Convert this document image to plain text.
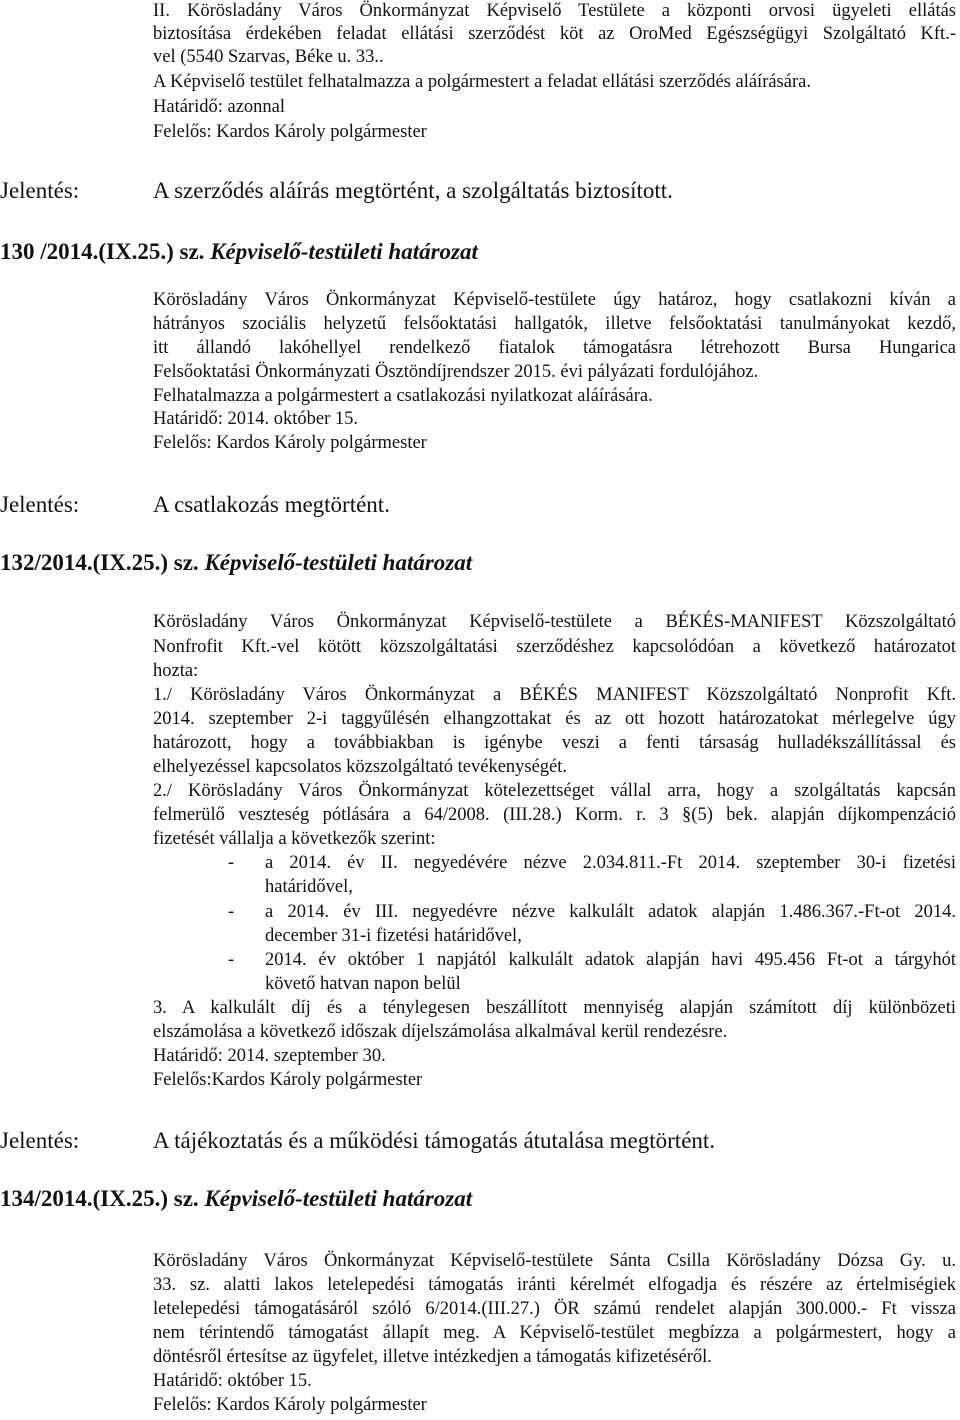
II. Körösladány Város Önkormányzat Képviselő Testülete a központi orvosi ügyeleti ellátás
biztosítása érdekében feladat ellátási szerződést köt az OroMed Egészségügyi Szolgáltató Kft.-
vel (5540 Szarvas, Béke u. 33..
A Képviselő testület felhatalmazza a polgármestert a feladat ellátási szerződés aláírására.
Határidő: azonnal
Felelős: Kardos Károly polgármester
Jelentés:	A szerződés aláírás megtörtént, a szolgáltatás biztosított.
130 /2014.(IX.25.) sz. Képviselő-testületi határozat
Körösladány Város Önkormányzat Képviselő-testülete úgy határoz, hogy csatlakozni kíván a
hátrányos szociális helyzetű felsőoktatási hallgatók, illetve felsőoktatási tanulmányokat kezdő,
itt állandó lakóhellyel rendelkező fiatalok támogatásra létrehozott Bursa Hungarica
Felsőoktatási Önkormányzati Ösztöndíjrendszer 2015. évi pályázati fordulójához.
Felhatalmazza a polgármestert a csatlakozási nyilatkozat aláírására.
Határidő: 2014. október 15.
Felelős: Kardos Károly polgármester
Jelentés:	A csatlakozás megtörtént.
132/2014.(IX.25.) sz. Képviselő-testületi határozat
Körösladány Város Önkormányzat Képviselő-testülete a BÉKÉS-MANIFEST Közszolgáltató
Nonfrofit Kft.-vel kötött közszolgáltatási szerződéshez kapcsolódóan a következő határozatot
hozta:
1./ Körösladány Város Önkormányzat a BÉKÉS MANIFEST Közszolgáltató Nonprofit Kft.
2014. szeptember 2-i taggyűlésén elhangzottakat és az ott hozott határozatokat mérlegelve úgy
határozott, hogy a továbbiakban is igénybe veszi a fenti társaság hulladékszállítással és
elhelyezéssel kapcsolatos közszolgáltató tevékenységét.
2./ Körösladány Város Önkormányzat kötelezettséget vállal arra, hogy a szolgáltatás kapcsán
felmerülő veszteség pótlására a 64/2008. (III.28.) Korm. r. 3 §(5) bek. alapján díjkompenzáció
fizetését vállalja a következők szerint:
- a 2014. év II. negyedévére nézve 2.034.811.-Ft 2014. szeptember 30-i fizetési
határidővel,
- a 2014. év III. negyedévre nézve kalkulált adatok alapján 1.486.367.-Ft-ot 2014.
december 31-i fizetési határidővel,
- 2014. év október 1 napjától kalkulált adatok alapján havi 495.456 Ft-ot a tárgyhót
követő hatvan napon belül
3. A kalkulált díj és a ténylegesen beszállított mennyiség alapján számított díj különbözeti
elszámolása a következő időszak díjelszámolása alkalmával kerül rendezésre.
Határidő: 2014. szeptember 30.
Felelős:Kardos Károly polgármester
Jelentés:	A tájékoztatás és a működési támogatás átutalása megtörtént.
134/2014.(IX.25.) sz. Képviselő-testületi határozat
Körösladány Város Önkormányzat Képviselő-testülete Sánta Csilla Körösladány Dózsa Gy. u.
33. sz. alatti lakos letelepedési támogatás iránti kérelmét elfogadja és részére az értelmiségiek
letelepedési támogatásáról szóló 6/2014.(III.27.) ÖR számú rendelet alapján 300.000.- Ft vissza
nem térintendő támogatást állapít meg. A Képviselő-testület megbízza a polgármestert, hogy a
döntésről értesítse az ügyfelet, illetve intézkedjen a támogatás kifizetéséről.
Határidő: október 15.
Felelős: Kardos Károly polgármester
